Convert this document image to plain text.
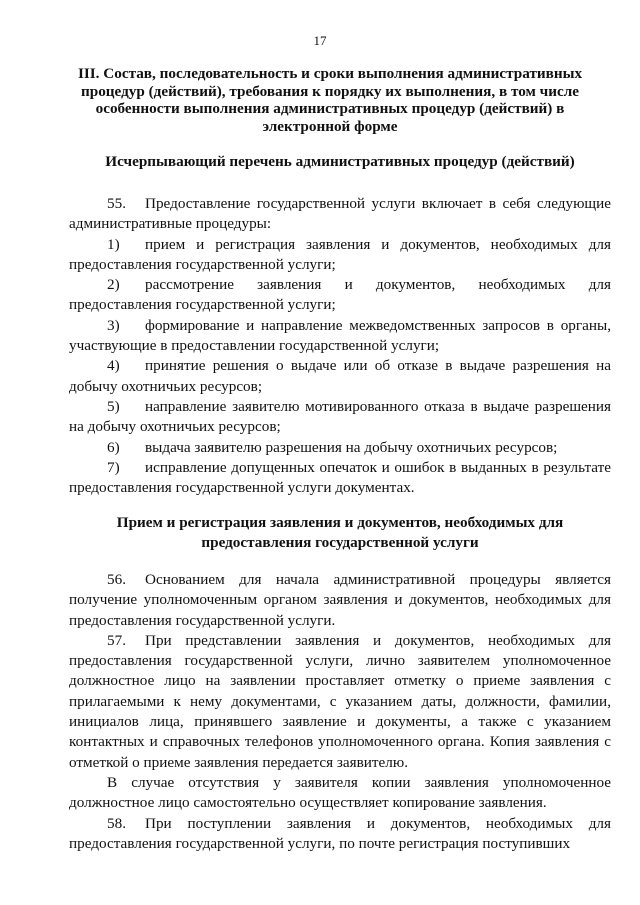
17
III. Состав, последовательность и сроки выполнения административных процедур (действий), требования к порядку их выполнения, в том числе особенности выполнения административных процедур (действий) в электронной форме
Исчерпывающий перечень административных процедур (действий)

55. Предоставление государственной услуги включает в себя следующие административные процедуры:

1) прием и регистрация заявления и документов, необходимых для предоставления государственной услуги;

2) рассмотрение заявления и документов, необходимых для предоставления государственной услуги;

3) формирование и направление межведомственных запросов в органы, участвующие в предоставлении государственной услуги;

4) принятие решения о выдаче или об отказе в выдаче разрешения на добычу охотничьих ресурсов;

5) направление заявителю мотивированного отказа в выдаче разрешения на добычу охотничьих ресурсов;

6) выдача заявителю разрешения на добычу охотничьих ресурсов;

7) исправление допущенных опечаток и ошибок в выданных в результате предоставления государственной услуги документах.

Прием и регистрация заявления и документов, необходимых для предоставления государственной услуги

56. Основанием для начала административной процедуры является получение уполномоченным органом заявления и документов, необходимых для предоставления государственной услуги.

57. При представлении заявления и документов, необходимых для предоставления государственной услуги, лично заявителем уполномоченное должностное лицо на заявлении проставляет отметку о приеме заявления с прилагаемыми к нему документами, с указанием даты, должности, фамилии, инициалов лица, принявшего заявление и документы, а также с указанием контактных и справочных телефонов уполномоченного органа. Копия заявления с отметкой о приеме заявления передается заявителю.

В случае отсутствия у заявителя копии заявления уполномоченное должностное лицо самостоятельно осуществляет копирование заявления.

58. При поступлении заявления и документов, необходимых для предоставления государственной услуги, по почте регистрация поступивших
